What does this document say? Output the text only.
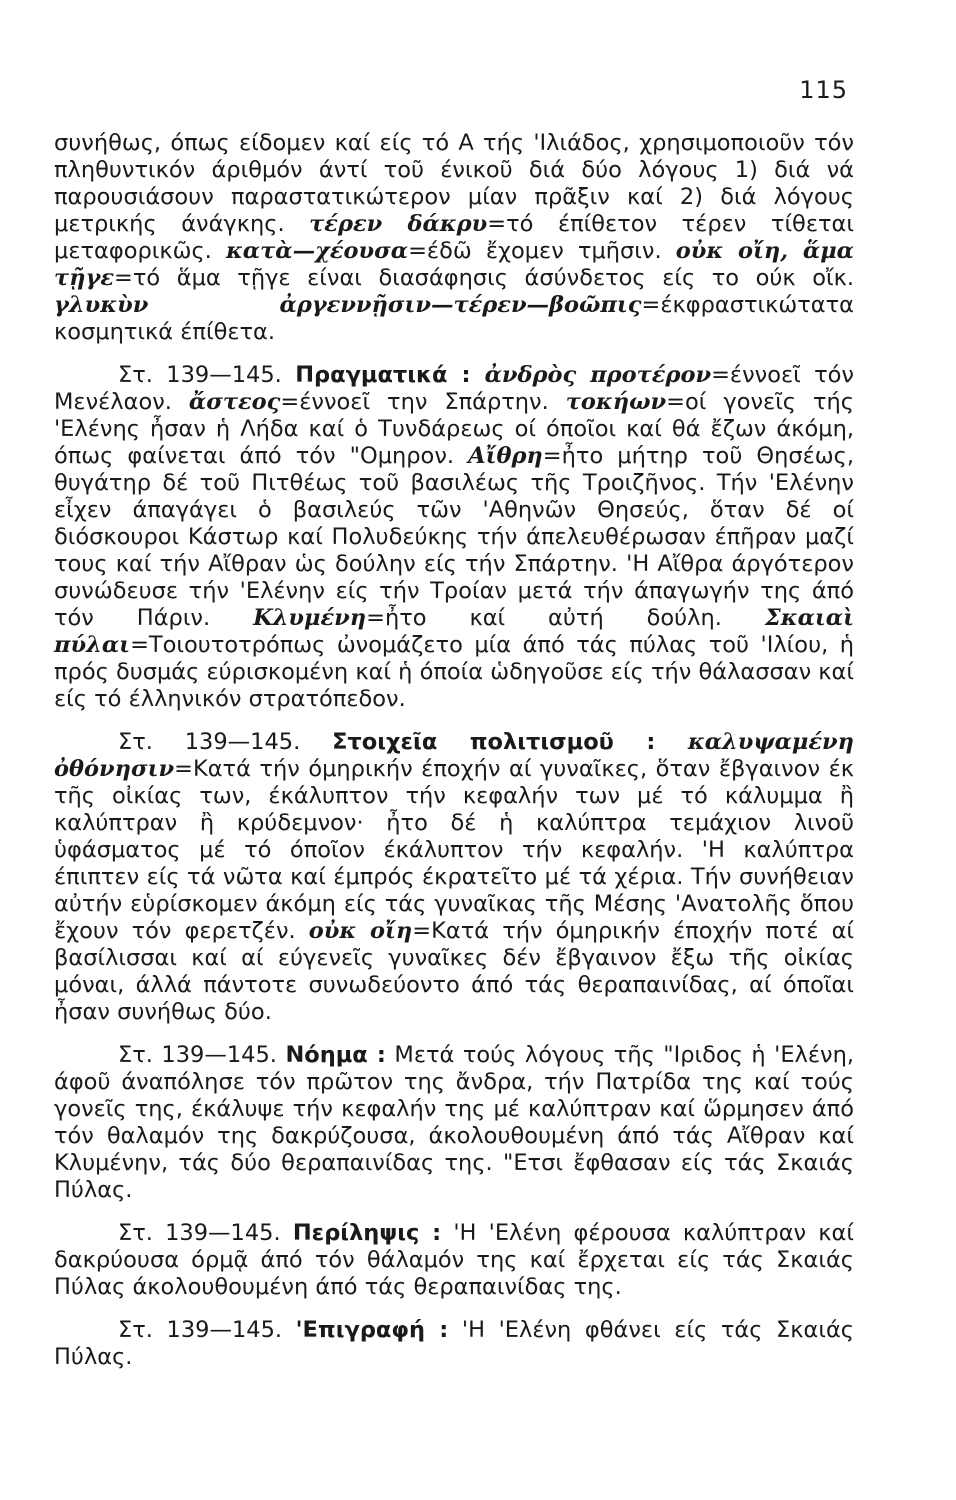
115

συνήθως, όπως είδομεν καί είς τό Α τής 'Ιλιάδος, χρησιμοποιοῦν τόν πληθυντικόν άριθμόν άντί τοῦ ένικοῦ διά δύο λόγους 1) διά νά παρουσιάσουν παραστατικώτερον μίαν πρᾶξιν καί 2) διά λόγους μετρικής άνάγκης. τέρεν δάκρυ=τό έπίθετον τέρεν τίθεται μεταφορικῶς. κατὰ—χέουσα=έδῶ ἔχομεν τμῆσιν. οὐκ οἴη, ἅμα τῇγε=τό ἅμα τῇγε είναι διασάφησις άσύνδετος είς το ούκ οἴκ. γλυκὺν ἀργεννῇσιν—τέρεν—βοῶπις=έκφραστικώτατα κοσμητικά έπίθετα.

Στ. 139—145. Πραγματικά : ἀνδρὸς προτέρον=έννοεῖ τόν Μενέλαον. ἄστεος=έννοεῖ την Σπάρτην. τοκήων=οί γονεῖς τής 'Ελένης ἦσαν ἡ Λήδα καί ὁ Τυνδάρεως οί όποῖοι καί θά ἔζων άκόμη, όπως φαίνεται άπό τόν "Ομηρον. Αἴθρη=ἦτο μήτηρ τοῦ Θησέως, θυγάτηρ δέ τοῦ Πιτθέως τοῦ βασιλέως τῆς Τροιζῆνος. Τήν 'Ελένην εἶχεν άπαγάγει ὁ βασιλεύς τῶν 'Αθηνῶν Θησεύς, ὅταν δέ οί διόσκουροι Κάστωρ καί Πολυδεύκης τήν άπελευθέρωσαν έπῆραν μαζί τους καί τήν Αἴθραν ὡς δούλην είς τήν Σπάρτην. 'Η Αἴθρα άργότερον συνώδευσε τήν 'Ελένην είς τήν Τροίαν μετά τήν άπαγωγήν της άπό τόν Πάριν. Κλυμένη=ἦτο καί αὐτή δούλη. Σκαιαὶ πύλαι=Τοιουτοτρόπως ὠνομάζετο μία άπό τάς πύλας τοῦ 'Ιλίου, ἡ πρός δυσμάς εύρισκομένη καί ἡ όποία ὡδηγοῦσε είς τήν θάλασσαν καί είς τό έλληνικόν στρατόπεδον.

Στ. 139—145. Στοιχεῖα πολιτισμοῦ : καλυψαμένη ὀθόνησιν=Κατά τήν όμηρικήν έποχήν αί γυναῖκες, ὅταν ἔβγαινον έκ τῆς οἰκίας των, έκάλυπτον τήν κεφαλήν των μέ τό κάλυμμα ἢ καλύπτραν ἢ κρύδεμνον· ἦτο δέ ἡ καλύπτρα τεμάχιον λινοῦ ὑφάσματος μέ τό όποῖον έκάλυπτον τήν κεφαλήν. 'Η καλύπτρα έπιπτεν είς τά νῶτα καί έμπρός έκρατεῖτο μέ τά χέρια. Τήν συνήθειαν αὐτήν εὑρίσκομεν άκόμη είς τάς γυναῖκας τῆς Μέσης 'Ανατολῆς ὅπου ἔχουν τόν φερετζέν. οὐκ οἴη=Κατά τήν όμηρικήν έποχήν ποτέ αί βασίλισσαι καί αί εύγενεῖς γυναῖκες δέν ἔβγαινον ἔξω τῆς οἰκίας μόναι, άλλά πάντοτε συνωδεύοντο άπό τάς θεραπαινίδας, αί όποῖαι ἦσαν συνήθως δύο.

Στ. 139—145. Νόημα : Μετά τούς λόγους τῆς "Ιριδος ἡ 'Ελένη, άφοῦ άναπόλησε τόν πρῶτον της ἄνδρα, τήν Πατρίδα της καί τούς γονεῖς της, έκάλυψε τήν κεφαλήν της μέ καλύπτραν καί ὥρμησεν άπό τόν θαλαμόν της δακρύζουσα, άκολουθουμένη άπό τάς Αἴθραν καί Κλυμένην, τάς δύο θεραπαινίδας της. "Ετσι ἔφθασαν είς τάς Σκαιάς Πύλας.

Στ. 139—145. Περίληψις : 'Η 'Ελένη φέρουσα καλύπτραν καί δακρύουσα όρμᾷ άπό τόν θάλαμόν της καί ἔρχεται είς τάς Σκαιάς Πύλας άκολουθουμένη άπό τάς θεραπαινίδας της.

Στ. 139—145. 'Επιγραφή : 'Η 'Ελένη φθάνει είς τάς Σκαιάς Πύλας.
